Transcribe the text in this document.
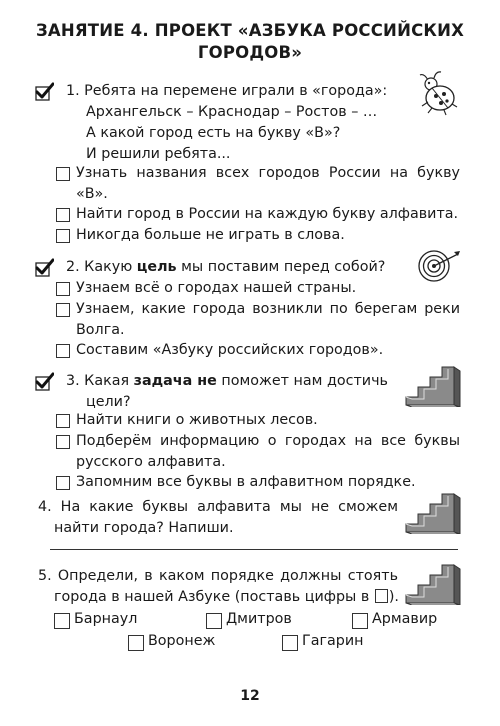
ЗАНЯТИЕ 4. ПРОЕКТ «АЗБУКА РОССИЙСКИХ
ГОРОДОВ»
1. Ребята на перемене играли в «города»:
Архангельск – Краснодар – Ростов – …
А какой город есть на букву «В»?
И решили ребята...
Узнать названия всех городов России на букву
«В».
Найти город в России на каждую букву алфавита.
Никогда больше не играть в слова.
2. Какую цель мы поставим перед собой?
Узнаем всё о городах нашей страны.
Узнаем, какие города возникли по берегам реки
Волга.
Составим «Азбуку российских городов».
3. Какая задача не поможет нам достичь
цели?
Найти книги о животных лесов.
Подберём информацию о городах на все буквы
русского алфавита.
Запомним все буквы в алфавитном порядке.
4. На какие буквы алфавита мы не сможем
найти города? Напиши.
5. Определи, в каком порядке должны стоять
города в нашей Азбуке (поставь цифры в ).
Барнаул	Дмитров	Армавир
Воронеж	Гагарин
12
